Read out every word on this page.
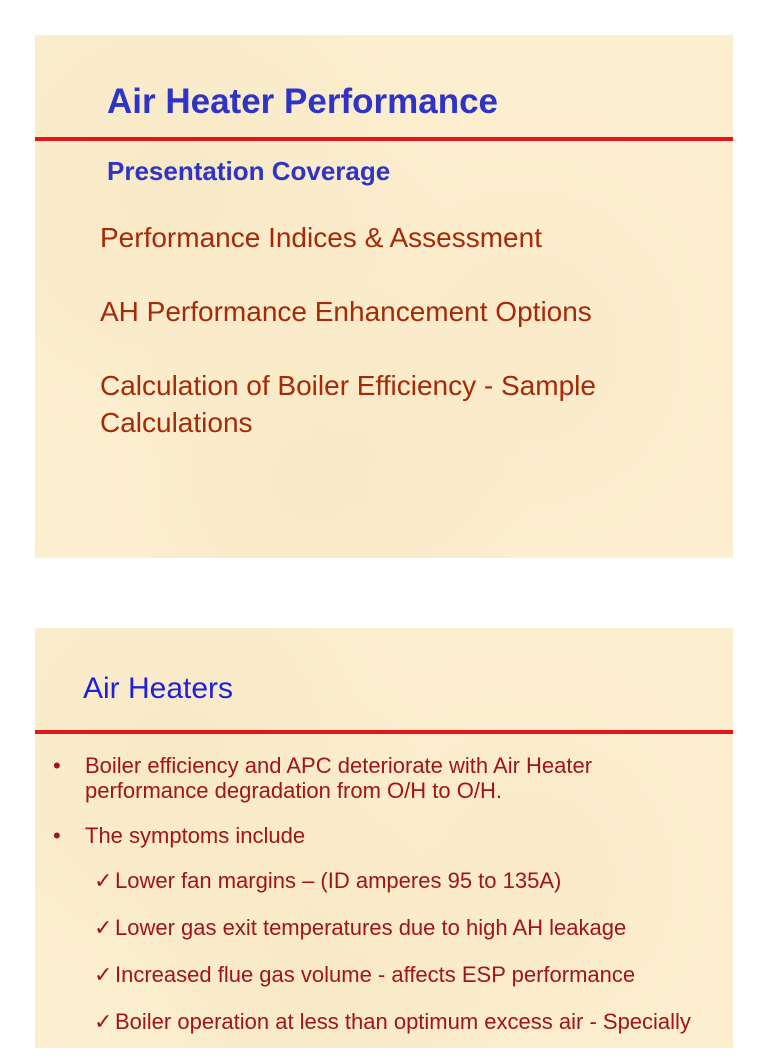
Air Heater Performance
Presentation Coverage
Performance Indices & Assessment
AH Performance Enhancement Options
Calculation of Boiler Efficiency - Sample Calculations
Air Heaters
• Boiler efficiency and APC deteriorate with Air Heater performance degradation from O/H to O/H.
• The symptoms include
✓ Lower fan margins – (ID amperes 95 to 135A)
✓ Lower gas exit temperatures due to high AH leakage
✓ Increased flue gas volume - affects ESP performance
✓ Boiler operation at less than optimum excess air - Specially
